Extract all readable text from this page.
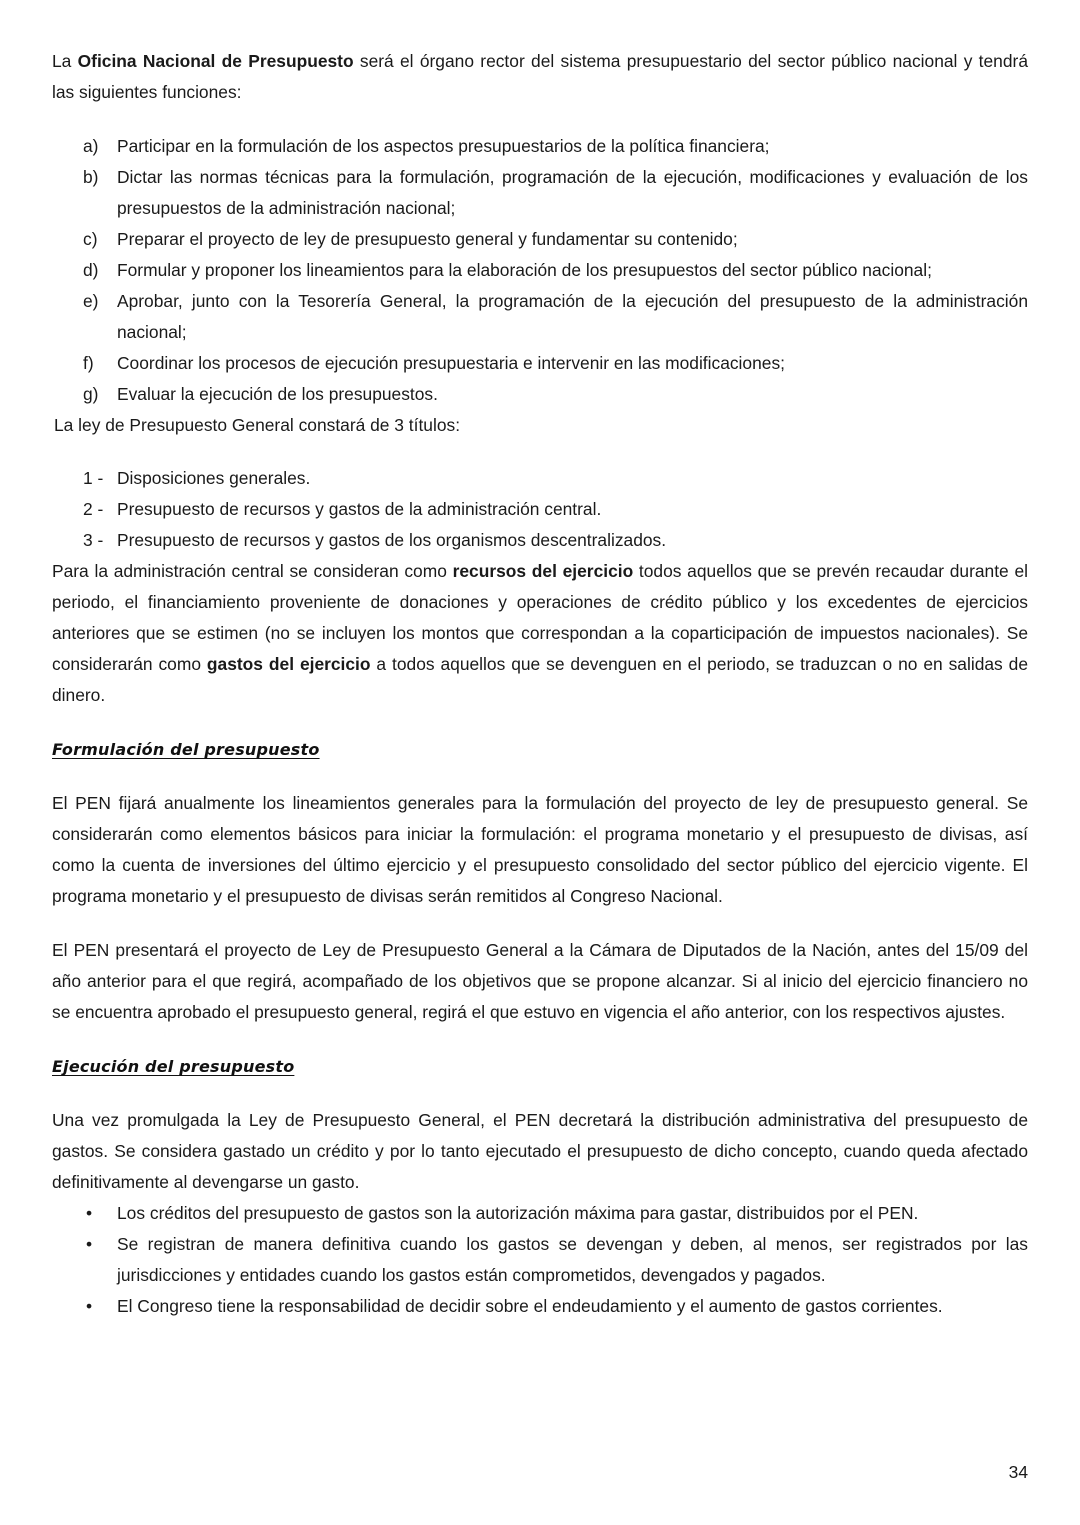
La Oficina Nacional de Presupuesto será el órgano rector del sistema presupuestario del sector público nacional y tendrá las siguientes funciones:

a) Participar en la formulación de los aspectos presupuestarios de la política financiera;
b) Dictar las normas técnicas para la formulación, programación de la ejecución, modificaciones y evaluación de los presupuestos de la administración nacional;
c) Preparar el proyecto de ley de presupuesto general y fundamentar su contenido;
d) Formular y proponer los lineamientos para la elaboración de los presupuestos del sector público nacional;
e) Aprobar, junto con la Tesorería General, la programación de la ejecución del presupuesto de la administración nacional;
f) Coordinar los procesos de ejecución presupuestaria e intervenir en las modificaciones;
g) Evaluar la ejecución de los presupuestos.

La ley de Presupuesto General constará de 3 títulos:

1 - Disposiciones generales.
2 - Presupuesto de recursos y gastos de la administración central.
3 - Presupuesto de recursos y gastos de los organismos descentralizados.

Para la administración central se consideran como recursos del ejercicio todos aquellos que se prevén recaudar durante el periodo, el financiamiento proveniente de donaciones y operaciones de crédito público y los excedentes de ejercicios anteriores que se estimen (no se incluyen los montos que correspondan a la coparticipación de impuestos nacionales). Se considerarán como gastos del ejercicio a todos aquellos que se devenguen en el periodo, se traduzcan o no en salidas de dinero.

Formulación del presupuesto

El PEN fijará anualmente los lineamientos generales para la formulación del proyecto de ley de presupuesto general. Se considerarán como elementos básicos para iniciar la formulación: el programa monetario y el presupuesto de divisas, así como la cuenta de inversiones del último ejercicio y el presupuesto consolidado del sector público del ejercicio vigente. El programa monetario y el presupuesto de divisas serán remitidos al Congreso Nacional.

El PEN presentará el proyecto de Ley de Presupuesto General a la Cámara de Diputados de la Nación, antes del 15/09 del año anterior para el que regirá, acompañado de los objetivos que se propone alcanzar. Si al inicio del ejercicio financiero no se encuentra aprobado el presupuesto general, regirá el que estuvo en vigencia el año anterior, con los respectivos ajustes.

Ejecución del presupuesto

Una vez promulgada la Ley de Presupuesto General, el PEN decretará la distribución administrativa del presupuesto de gastos. Se considera gastado un crédito y por lo tanto ejecutado el presupuesto de dicho concepto, cuando queda afectado definitivamente al devengarse un gasto.

• Los créditos del presupuesto de gastos son la autorización máxima para gastar, distribuidos por el PEN.
• Se registran de manera definitiva cuando los gastos se devengan y deben, al menos, ser registrados por las jurisdicciones y entidades cuando los gastos están comprometidos, devengados y pagados.
• El Congreso tiene la responsabilidad de decidir sobre el endeudamiento y el aumento de gastos corrientes.
34
